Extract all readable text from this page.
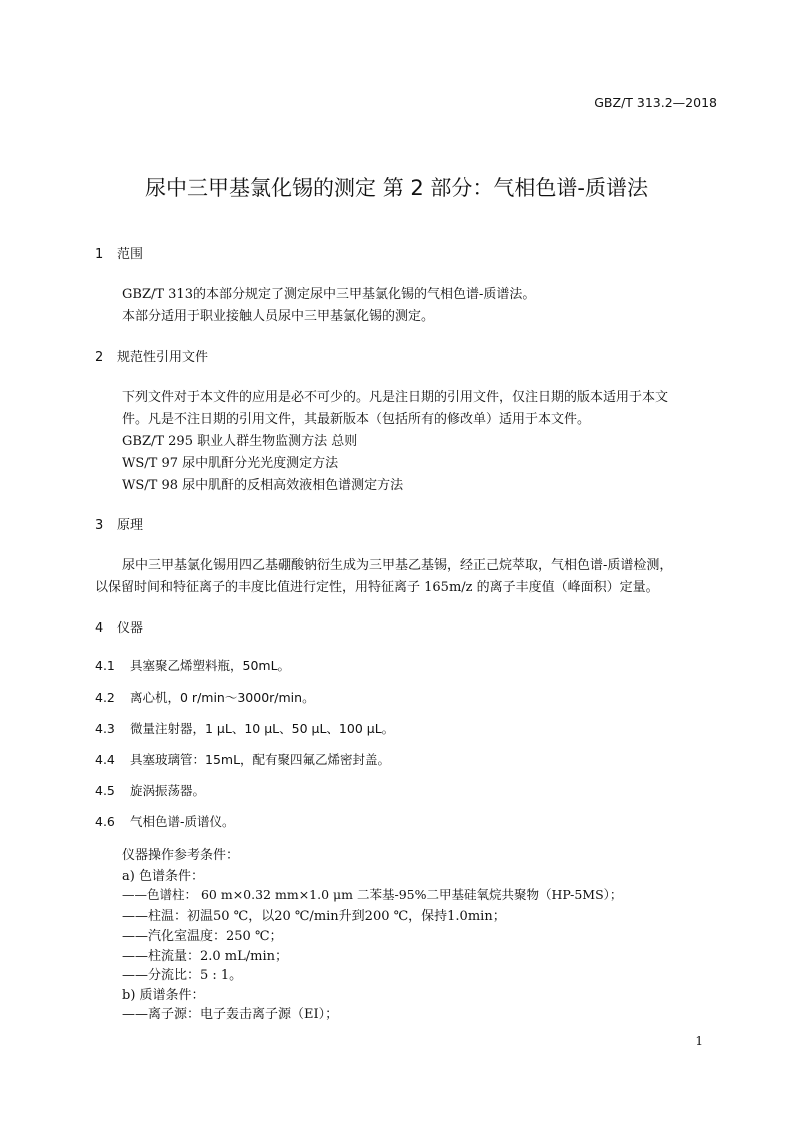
GBZ/T 313.2—2018
尿中三甲基氯化锡的测定 第 2 部分：气相色谱-质谱法
1 范围
GBZ/T 313的本部分规定了测定尿中三甲基氯化锡的气相色谱-质谱法。
本部分适用于职业接触人员尿中三甲基氯化锡的测定。
2 规范性引用文件
下列文件对于本文件的应用是必不可少的。凡是注日期的引用文件，仅注日期的版本适用于本文
件。凡是不注日期的引用文件，其最新版本（包括所有的修改单）适用于本文件。
GBZ/T 295 职业人群生物监测方法 总则
WS/T 97 尿中肌酐分光光度测定方法
WS/T 98 尿中肌酐的反相高效液相色谱测定方法
3 原理
尿中三甲基氯化锡用四乙基硼酸钠衍生成为三甲基乙基锡，经正己烷萃取，气相色谱-质谱检测，
以保留时间和特征离子的丰度比值进行定性，用特征离子 165m/z 的离子丰度值（峰面积）定量。
4 仪器
4.1 具塞聚乙烯塑料瓶，50mL。
4.2 离心机，0 r/min～3000r/min。
4.3 微量注射器，1 μL、10 μL、50 μL、100 μL。
4.4 具塞玻璃管：15mL，配有聚四氟乙烯密封盖。
4.5 旋涡振荡器。
4.6 气相色谱-质谱仪。
仪器操作参考条件：
a) 色谱条件：
——色谱柱： 60 m×0.32 mm×1.0 μm 二苯基-95%二甲基硅氧烷共聚物（HP-5MS）；
——柱温：初温50 ℃，以20 ℃/min升到200 ℃，保持1.0min；
——汽化室温度：250 ℃；
——柱流量：2.0 mL/min；
——分流比：5 : 1。
b) 质谱条件：
——离子源：电子轰击离子源（EI）；
1
